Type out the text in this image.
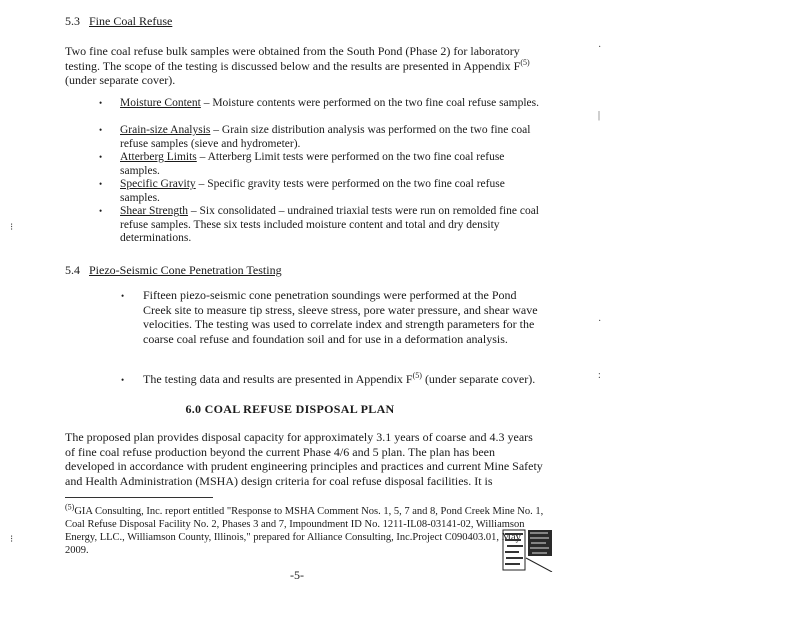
5.3 Fine Coal Refuse
Two fine coal refuse bulk samples were obtained from the South Pond (Phase 2) for laboratory testing. The scope of the testing is discussed below and the results are presented in Appendix $F^{(5)}$ (under separate cover).
• Moisture Content – Moisture contents were performed on the two fine coal refuse samples.
• Grain-size Analysis – Grain size distribution analysis was performed on the two fine coal refuse samples (sieve and hydrometer).
• Atterberg Limits – Atterberg Limit tests were performed on the two fine coal refuse samples.
• Specific Gravity – Specific gravity tests were performed on the two fine coal refuse samples.
• Shear Strength – Six consolidated – undrained triaxial tests were run on remolded fine coal refuse samples. These six tests included moisture content and total and dry density determinations.
5.4 Piezo-Seismic Cone Penetration Testing
• Fifteen piezo-seismic cone penetration soundings were performed at the Pond Creek site to measure tip stress, sleeve stress, pore water pressure, and shear wave velocities. The testing was used to correlate index and strength parameters for the coarse coal refuse and foundation soil and for use in a deformation analysis.
• The testing data and results are presented in Appendix $F^{(5)}$ (under separate cover).
6.0 COAL REFUSE DISPOSAL PLAN
The proposed plan provides disposal capacity for approximately 3.1 years of coarse and 4.3 years of fine coal refuse production beyond the current Phase 4/6 and 5 plan. The plan has been developed in accordance with prudent engineering principles and practices and current Mine Safety and Health Administration (MSHA) design criteria for coal refuse disposal facilities. It is
$^{(5)}$GIA Consulting, Inc. report entitled "Response to MSHA Comment Nos. 1, 5, 7 and 8, Pond Creek Mine No. 1, Coal Refuse Disposal Facility No. 2, Phases 3 and 7, Impoundment ID No. 1211-IL08-03141-02, Williamson Energy, LLC., Williamson County, Illinois," prepared for Alliance Consulting, Inc.Project C090403.01, May 2009.
-5-
·
|
·
:
⁝
⁝
